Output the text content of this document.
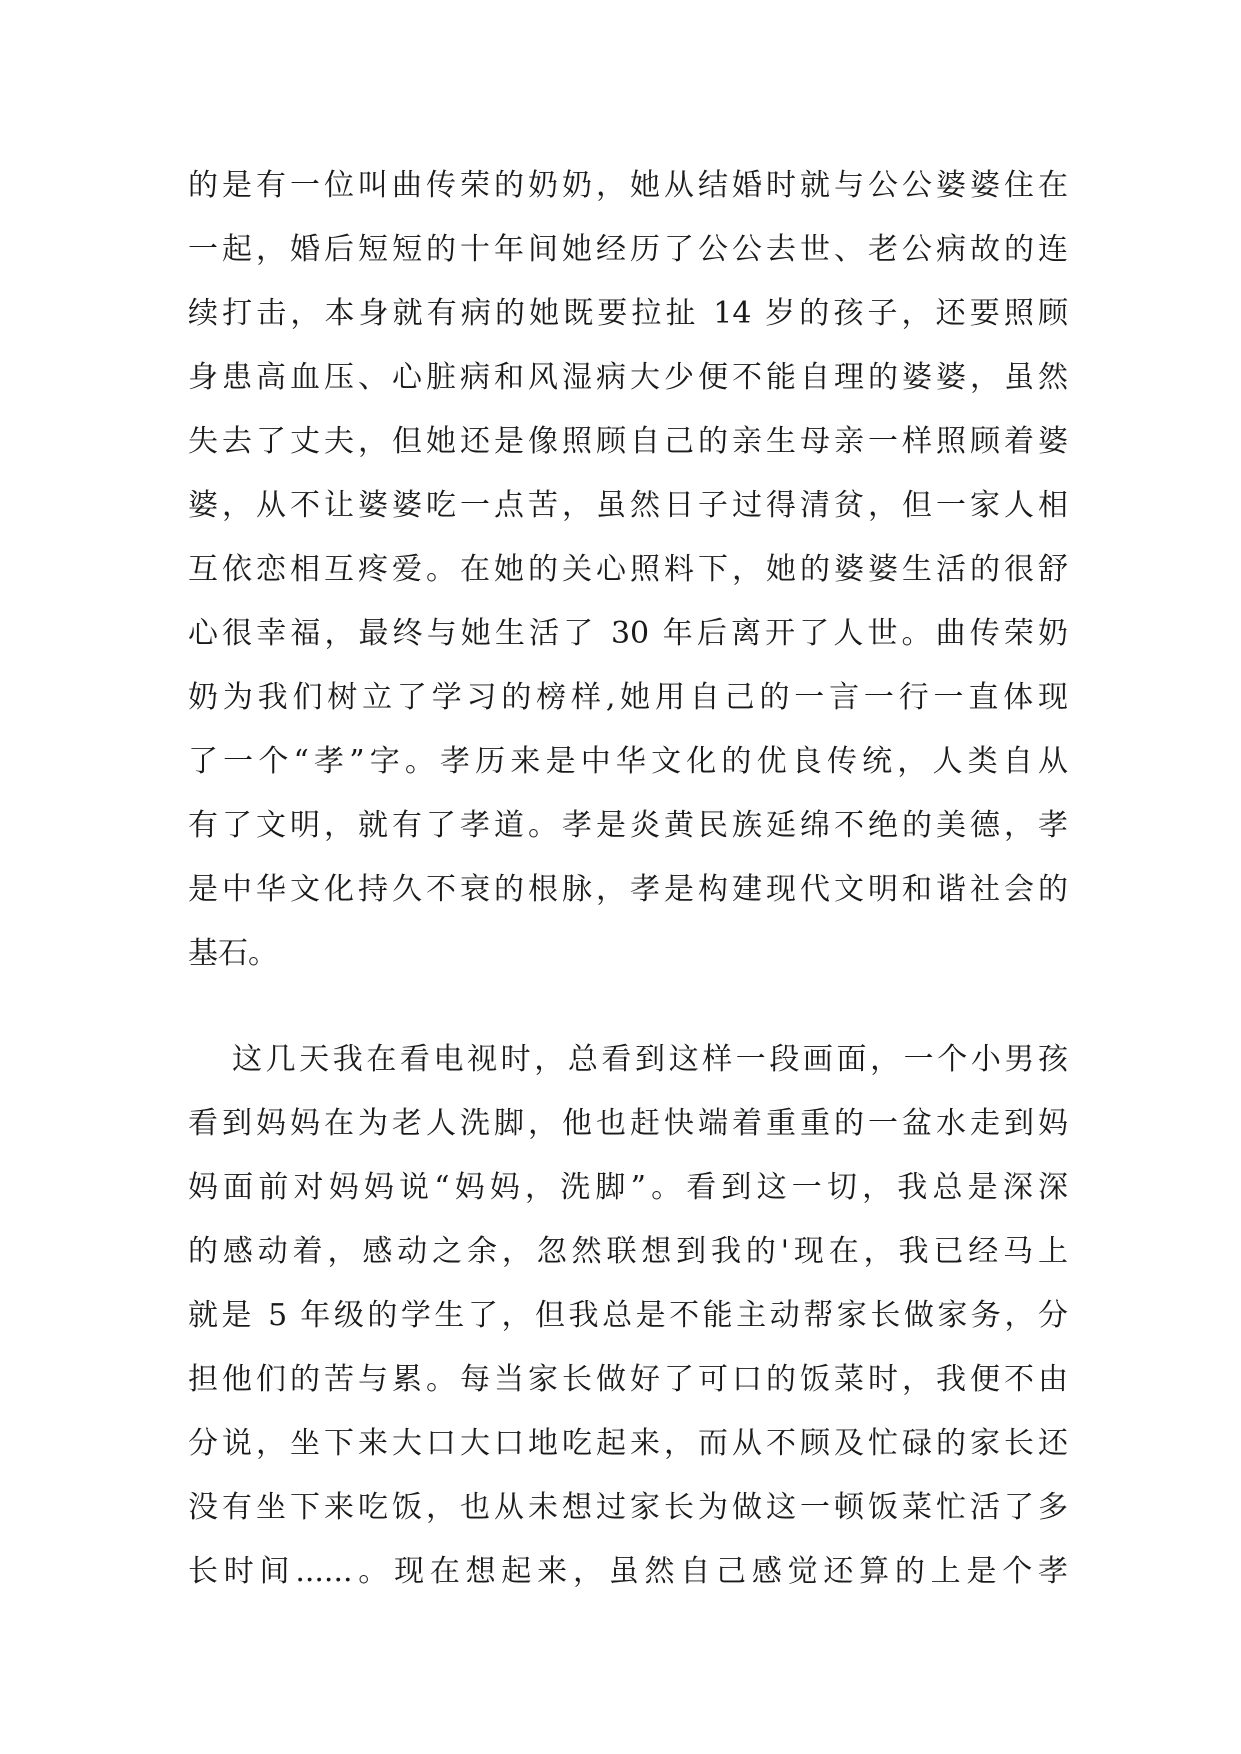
的是有一位叫曲传荣的奶奶，她从结婚时就与公公婆婆住在
一起，婚后短短的十年间她经历了公公去世、老公病故的连
续打击，本身就有病的她既要拉扯 14 岁的孩子，还要照顾
身患高血压、心脏病和风湿病大少便不能自理的婆婆，虽然
失去了丈夫，但她还是像照顾自己的亲生母亲一样照顾着婆
婆，从不让婆婆吃一点苦，虽然日子过得清贫，但一家人相
互依恋相互疼爱。在她的关心照料下，她的婆婆生活的很舒
心很幸福，最终与她生活了 30 年后离开了人世。曲传荣奶
奶为我们树立了学习的榜样,她用自己的一言一行一直体现
了一个“孝”字。孝历来是中华文化的优良传统，人类自从
有了文明，就有了孝道。孝是炎黄民族延绵不绝的美德，孝
是中华文化持久不衰的根脉，孝是构建现代文明和谐社会的
基石。
这几天我在看电视时，总看到这样一段画面，一个小男孩
看到妈妈在为老人洗脚，他也赶快端着重重的一盆水走到妈
妈面前对妈妈说“妈妈，洗脚”。看到这一切，我总是深深
的感动着，感动之余，忽然联想到我的'现在，我已经马上
就是 5 年级的学生了，但我总是不能主动帮家长做家务，分
担他们的苦与累。每当家长做好了可口的饭菜时，我便不由
分说，坐下来大口大口地吃起来，而从不顾及忙碌的家长还
没有坐下来吃饭，也从未想过家长为做这一顿饭菜忙活了多
长时间......。现在想起来，虽然自己感觉还算的上是个孝
